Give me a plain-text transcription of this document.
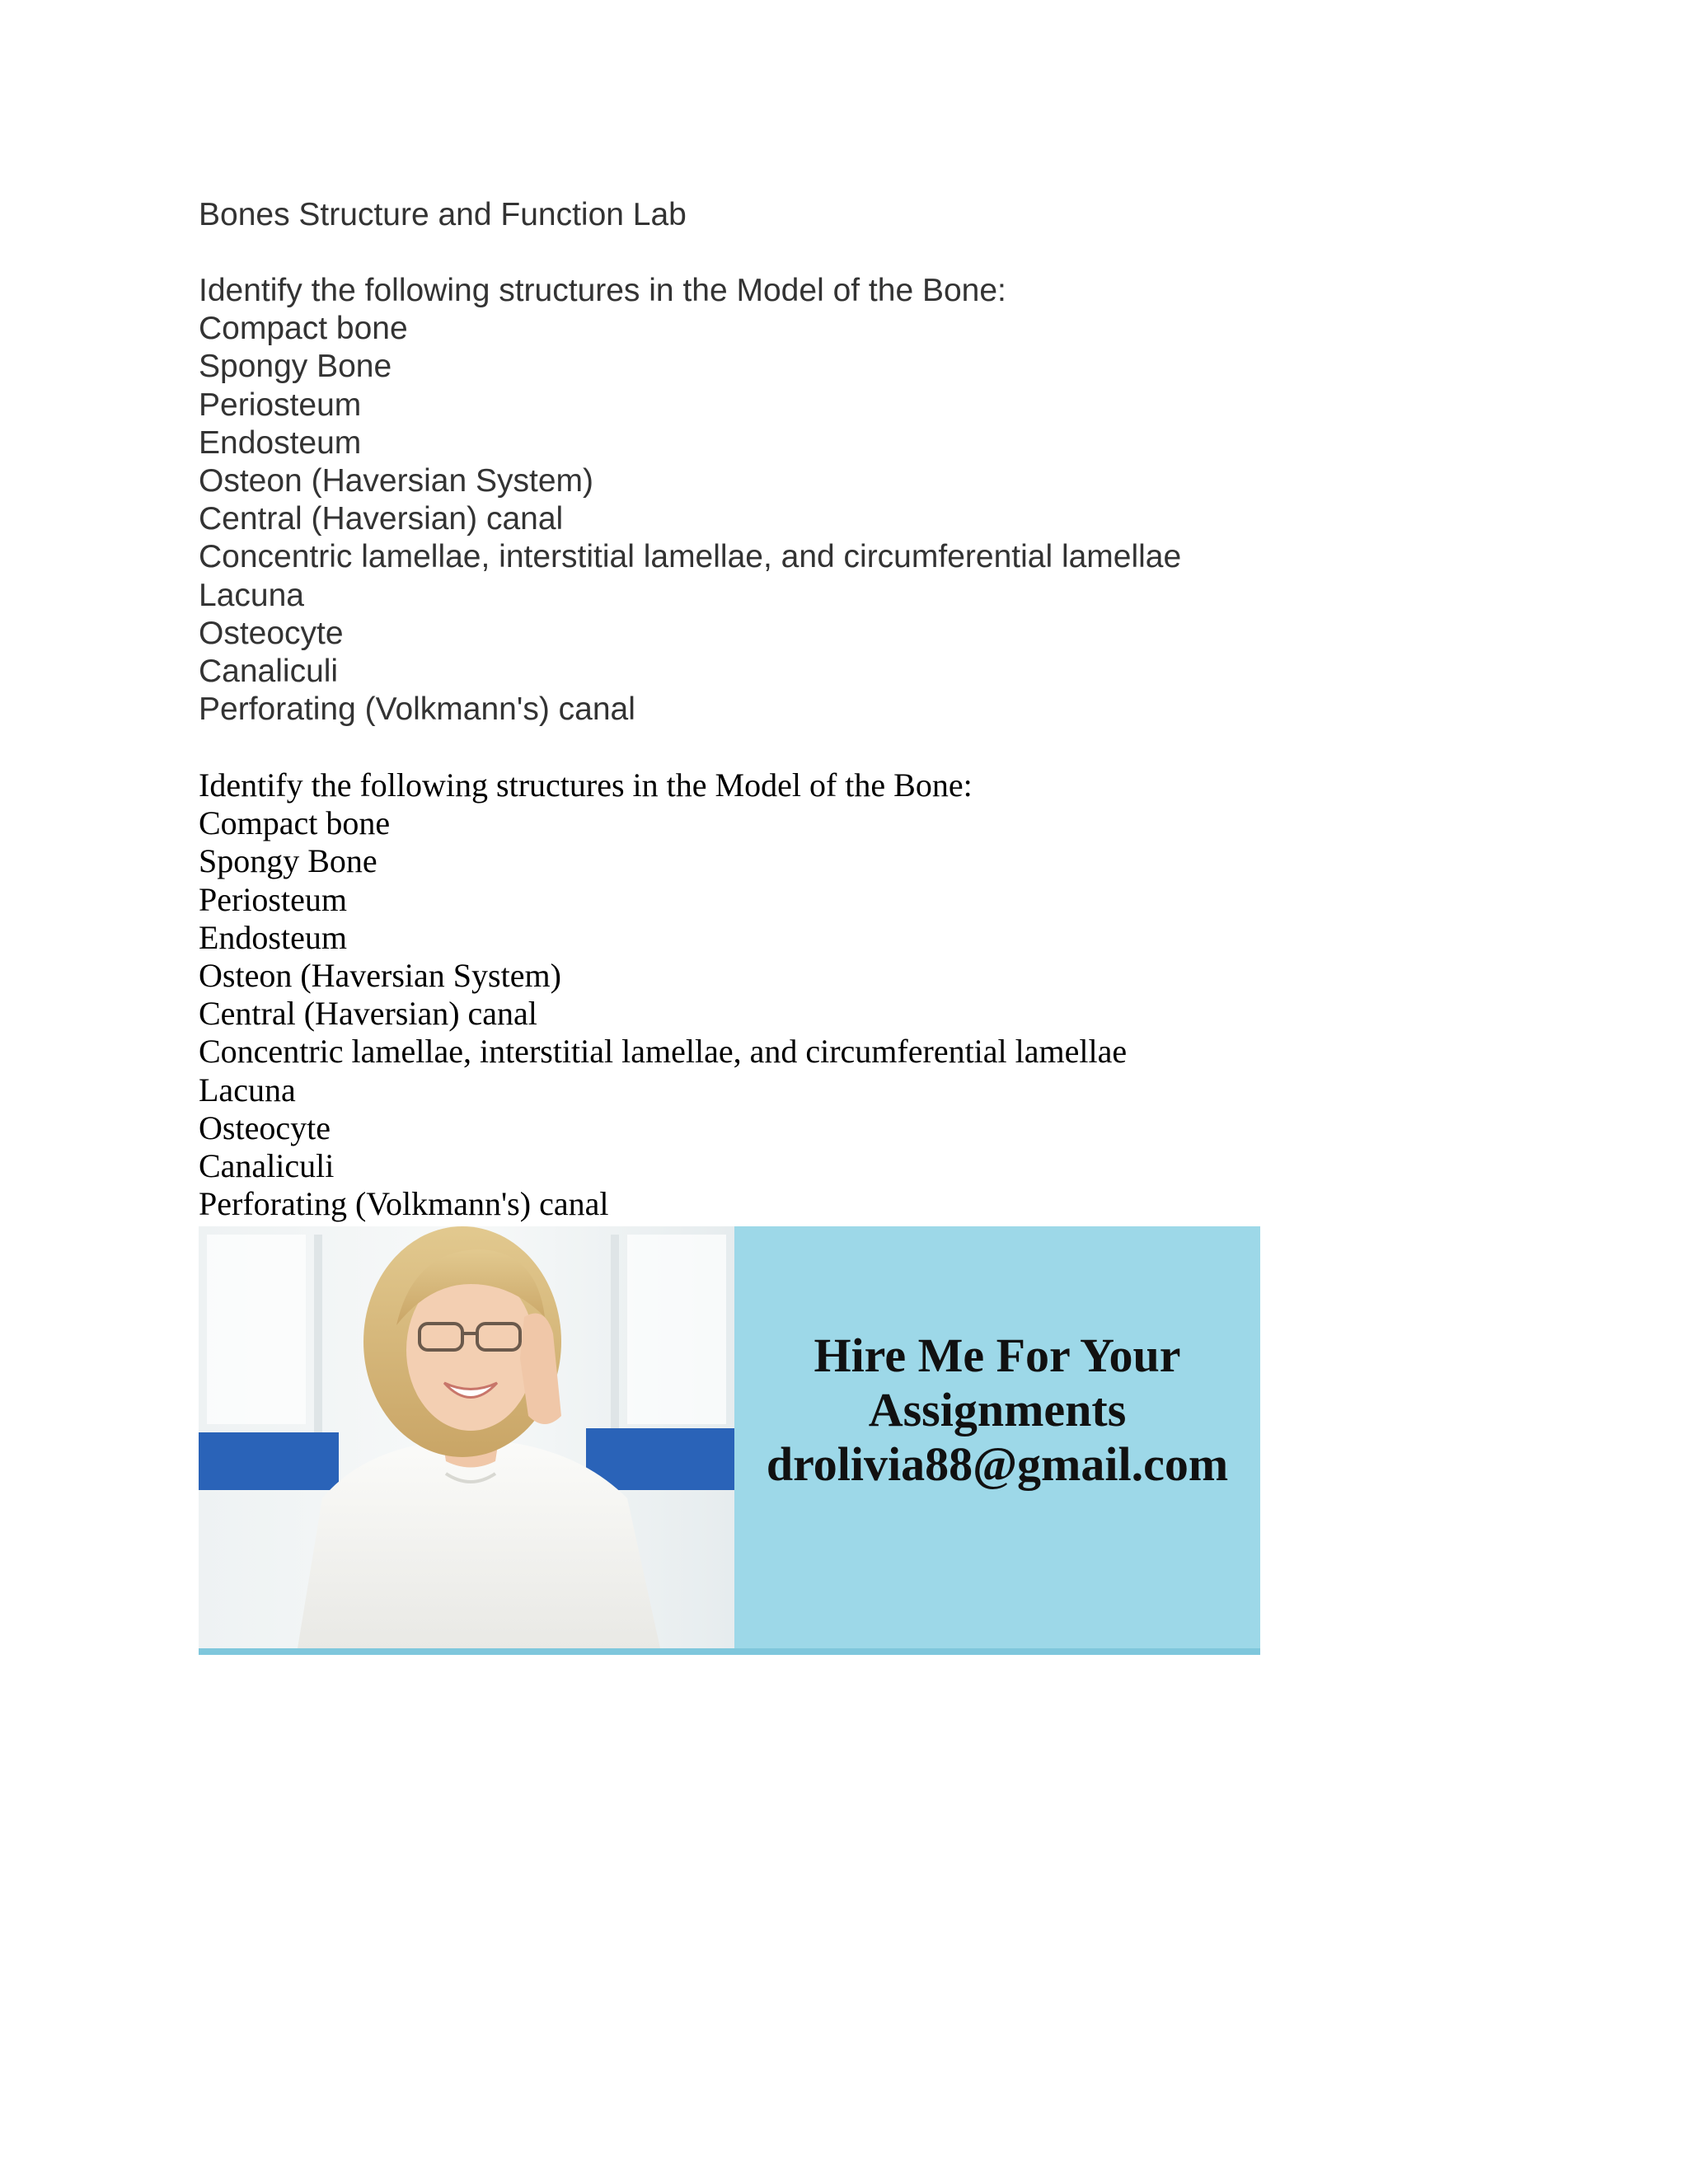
Bones Structure and Function Lab
Identify the following structures in the Model of the Bone:
Compact bone
Spongy Bone
Periosteum
Endosteum
Osteon (Haversian System)
Central (Haversian) canal
Concentric lamellae, interstitial lamellae, and circumferential lamellae
Lacuna
Osteocyte
Canaliculi
Perforating (Volkmann's) canal
Identify the following structures in the Model of the Bone:
Compact bone
Spongy Bone
Periosteum
Endosteum
Osteon (Haversian System)
Central (Haversian) canal
Concentric lamellae, interstitial lamellae, and circumferential lamellae
Lacuna
Osteocyte
Canaliculi
Perforating (Volkmann's) canal
Hire Me For Your
Assignments
drolivia88@gmail.com
